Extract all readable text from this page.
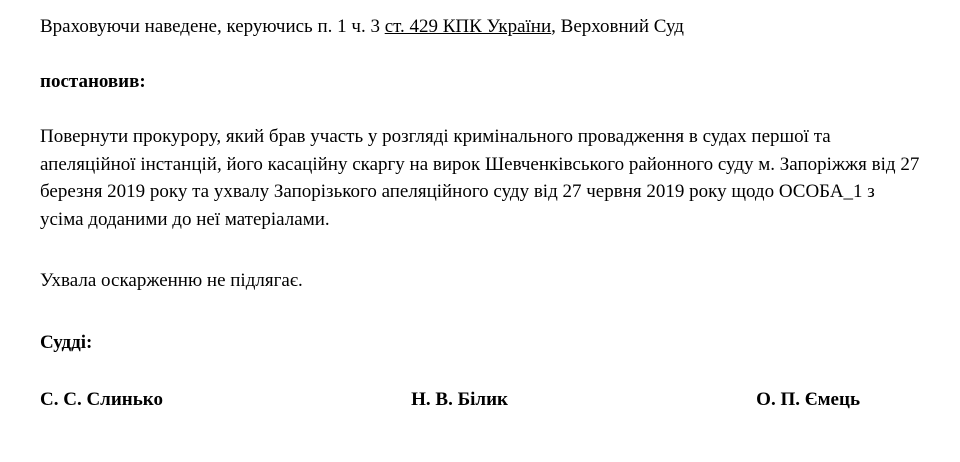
Враховуючи наведене, керуючись п. 1 ч. 3 ст. 429 КПК України, Верховний Суд

постановив:

Повернути прокурору, який брав участь у розгляді кримінального провадження в судах першої та апеляційної інстанцій, його касаційну скаргу на вирок Шевченківського районного суду м. Запоріжжя від 27 березня 2019 року та ухвалу Запорізького апеляційного суду від 27 червня 2019 року щодо ОСОБА_1 з усіма доданими до неї матеріалами.

Ухвала оскарженню не підлягає.

Судді:

С. С. Слинько	Н. В. Білик	О. П. Ємець
